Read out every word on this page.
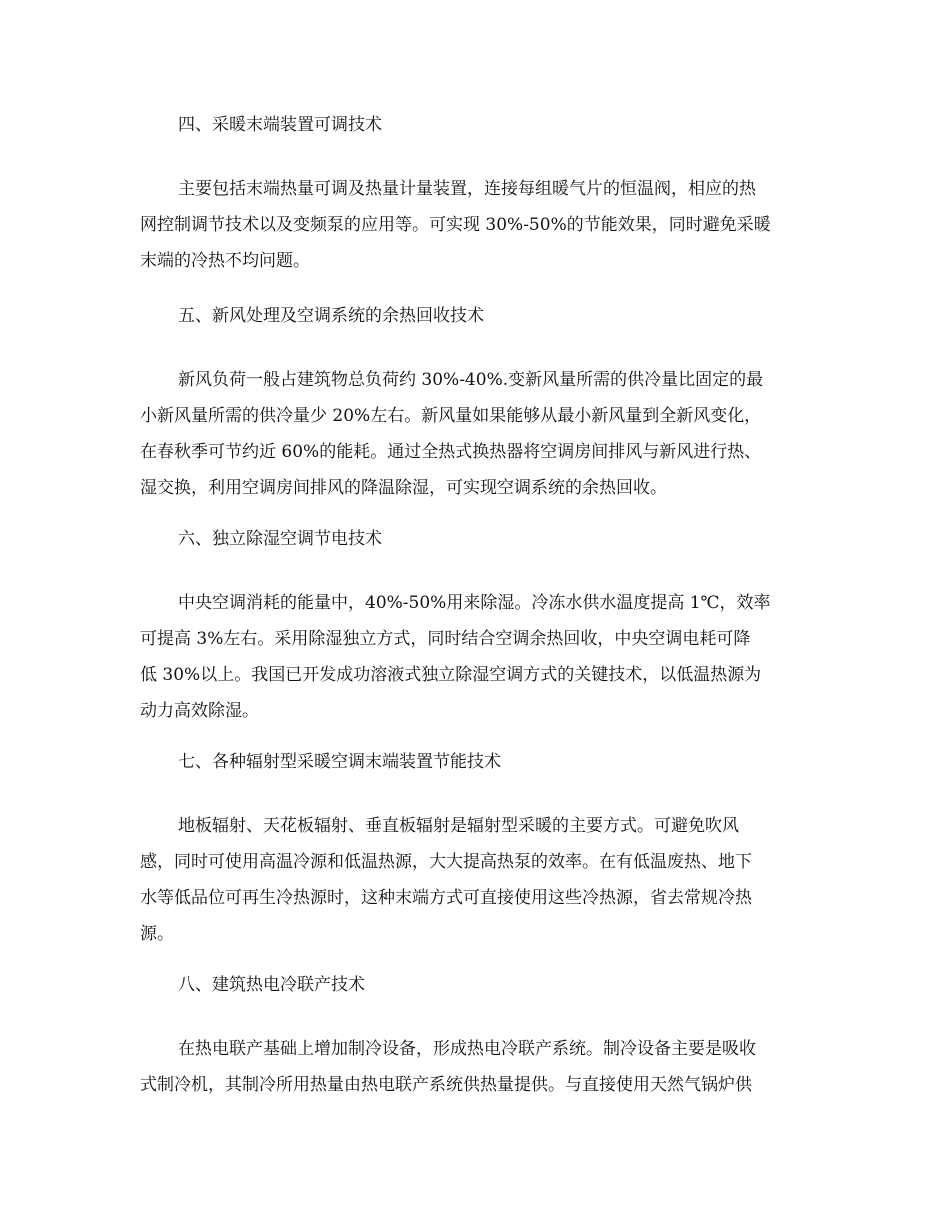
四、采暖末端装置可调技术
主要包括末端热量可调及热量计量装置，连接每组暖气片的恒温阀，相应的热
网控制调节技术以及变频泵的应用等。可实现 30%-50%的节能效果，同时避免采暖
末端的冷热不均问题。
五、新风处理及空调系统的余热回收技术
新风负荷一般占建筑物总负荷约 30%-40%.变新风量所需的供冷量比固定的最
小新风量所需的供冷量少 20%左右。新风量如果能够从最小新风量到全新风变化，
在春秋季可节约近 60%的能耗。通过全热式换热器将空调房间排风与新风进行热、
湿交换，利用空调房间排风的降温除湿，可实现空调系统的余热回收。
六、独立除湿空调节电技术
中央空调消耗的能量中，40%-50%用来除湿。冷冻水供水温度提高 1℃，效率
可提高 3%左右。采用除湿独立方式，同时结合空调余热回收，中央空调电耗可降
低 30%以上。我国已开发成功溶液式独立除湿空调方式的关键技术，以低温热源为
动力高效除湿。
七、各种辐射型采暖空调末端装置节能技术
地板辐射、天花板辐射、垂直板辐射是辐射型采暖的主要方式。可避免吹风
感，同时可使用高温冷源和低温热源，大大提高热泵的效率。在有低温废热、地下
水等低品位可再生冷热源时，这种末端方式可直接使用这些冷热源，省去常规冷热
源。
八、建筑热电冷联产技术
在热电联产基础上增加制冷设备，形成热电冷联产系统。制冷设备主要是吸收
式制冷机，其制冷所用热量由热电联产系统供热量提供。与直接使用天然气锅炉供
